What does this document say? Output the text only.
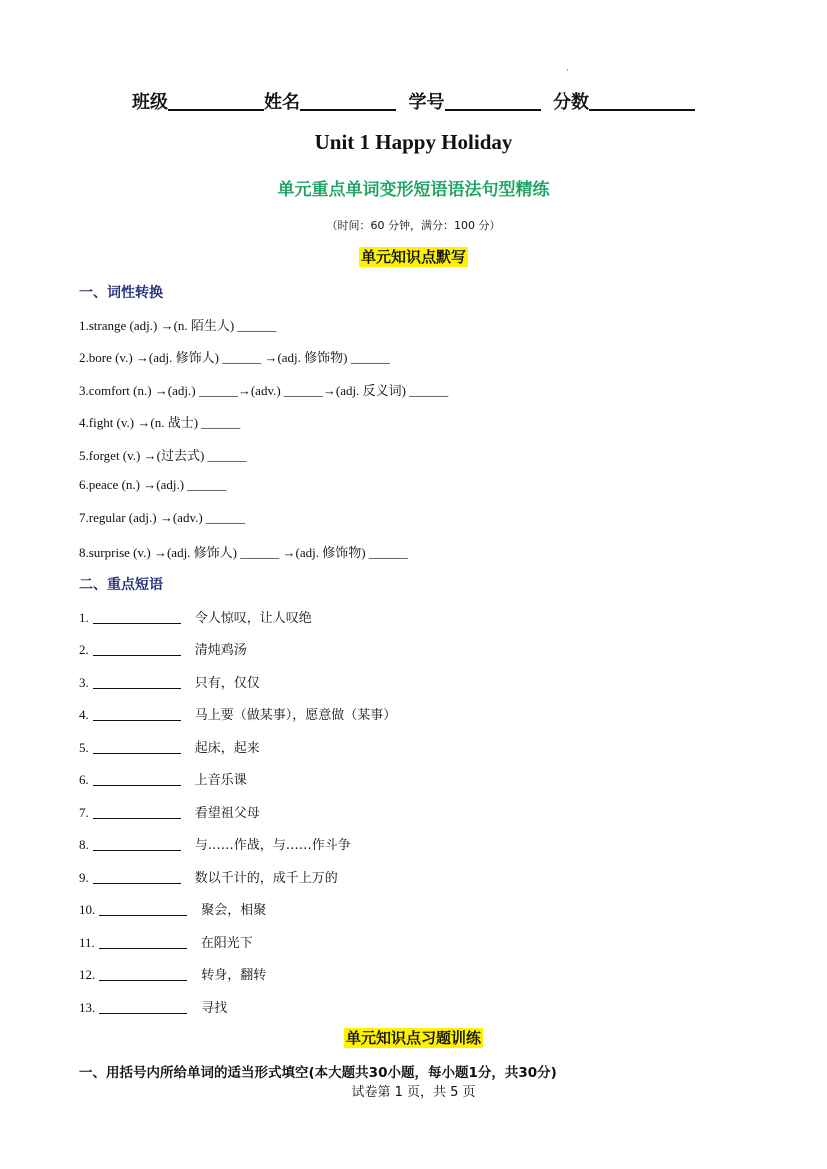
·
班级	姓名	学号	分数
Unit 1 Happy Holiday
单元重点单词变形短语语法句型精练
（时间：60 分钟，满分：100 分）
单元知识点默写
一、词性转换
1.strange (adj.) →(n. 陌生人) ______
2.bore (v.) →(adj. 修饰人) ______ →(adj. 修饰物) ______
3.comfort (n.) →(adj.) ______→(adv.) ______→(adj. 反义词) ______
4.fight (v.) →(n. 战士) ______
5.forget (v.) →(过去式) ______
6.peace (n.) →(adj.) ______
7.regular (adj.) →(adv.) ______
8.surprise (v.) →(adj. 修饰人) ______ →(adj. 修饰物) ______
二、重点短语
1.	令人惊叹，让人叹绝
2.	清炖鸡汤
3.	只有，仅仅
4.	马上要（做某事），愿意做（某事）
5.	起床，起来
6.	上音乐课
7.	看望祖父母
8.	与……作战，与……作斗争
9.	数以千计的，成千上万的
10.	聚会，相聚
11.	在阳光下
12.	转身，翻转
13.	寻找
单元知识点习题训练
一、用括号内所给单词的适当形式填空(本大题共30小题，每小题1分，共30分)
试卷第 1 页，共 5 页
